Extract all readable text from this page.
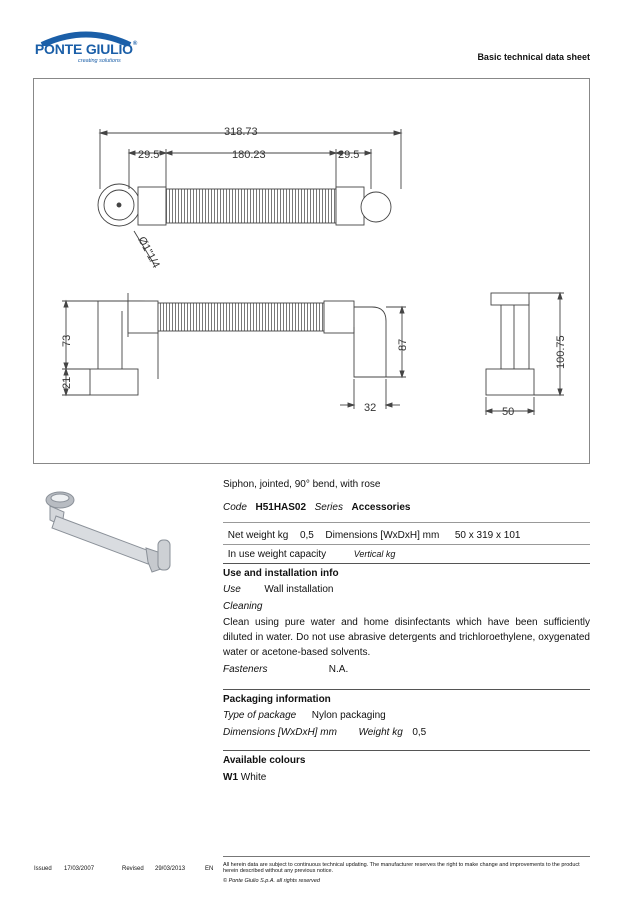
PONTE GIULIO®
creating solutions	Basic technical data sheet
318.73
29.5	180.23	29.5
Ø1"1/4
73
21
87
32
100.75
50
Siphon, jointed, 90° bend, with rose
Code H51HAS02 Series Accessories
Net weight kg 0,5 Dimensions [WxDxH] mm 50 x 319 x 101
In use weight capacity	Vertical kg
Use and installation info
Use Wall installation
Cleaning
Clean using pure water and home disinfectants which have been sufficiently diluted in water. Do not use abrasive detergents and trichloroethylene, oxygenated water or acetone-based solvents.
Fasteners	N.A.
Packaging information
Type of package Nylon packaging
Dimensions [WxDxH] mm Weight kg 0,5
Available colours
W1 White
Issued 17/03/2007	Revised 29/03/2013	EN
All herein data are subject to continuous technical updating. The manufacturer reserves the right to make change and improvements to the product herein described without any previous notice.
© Ponte Giulio S.p.A. all rights reserved
